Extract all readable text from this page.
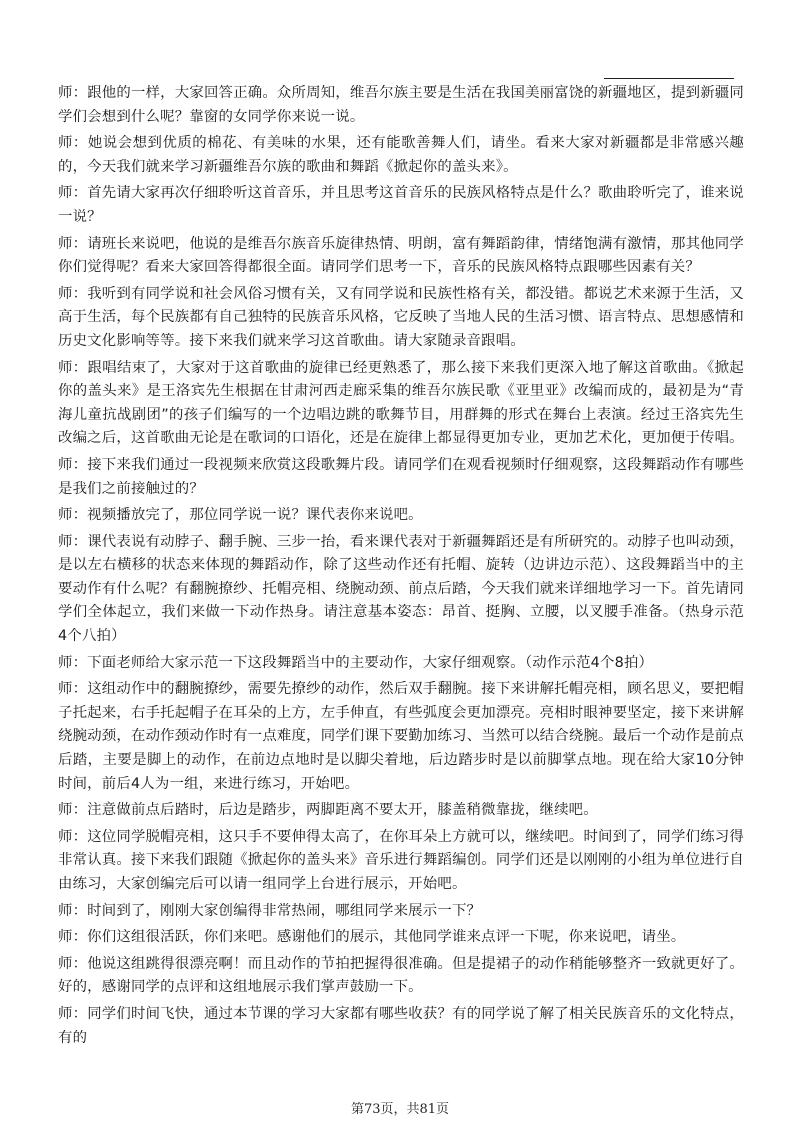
师：跟他的一样，大家回答正确。众所周知，维吾尔族主要是生活在我国美丽富饶的新疆地区，提到新疆同学们会想到什么呢？靠窗的女同学你来说一说。

师：她说会想到优质的棉花、有美味的水果，还有能歌善舞人们，请坐。看来大家对新疆都是非常感兴趣的，今天我们就来学习新疆维吾尔族的歌曲和舞蹈《掀起你的盖头来》。

师：首先请大家再次仔细聆听这首音乐，并且思考这首音乐的民族风格特点是什么？歌曲聆听完了，谁来说一说？

师：请班长来说吧，他说的是维吾尔族音乐旋律热情、明朗，富有舞蹈韵律，情绪饱满有激情，那其他同学你们觉得呢？看来大家回答得都很全面。请同学们思考一下，音乐的民族风格特点跟哪些因素有关？

师：我听到有同学说和社会风俗习惯有关，又有同学说和民族性格有关，都没错。都说艺术来源于生活，又高于生活，每个民族都有自己独特的民族音乐风格，它反映了当地人民的生活习惯、语言特点、思想感情和历史文化影响等等。接下来我们就来学习这首歌曲。请大家随录音跟唱。

师：跟唱结束了，大家对于这首歌曲的旋律已经更熟悉了，那么接下来我们更深入地了解这首歌曲。《掀起你的盖头来》是王洛宾先生根据在甘肃河西走廊采集的维吾尔族民歌《亚里亚》改编而成的，最初是为“青海儿童抗战剧团”的孩子们编写的一个边唱边跳的歌舞节目，用群舞的形式在舞台上表演。经过王洛宾先生改编之后，这首歌曲无论是在歌词的口语化，还是在旋律上都显得更加专业，更加艺术化，更加便于传唱。

师：接下来我们通过一段视频来欣赏这段歌舞片段。请同学们在观看视频时仔细观察，这段舞蹈动作有哪些是我们之前接触过的？

师：视频播放完了，那位同学说一说？课代表你来说吧。

师：课代表说有动脖子、翻手腕、三步一抬，看来课代表对于新疆舞蹈还是有所研究的。动脖子也叫动颈，是以左右横移的状态来体现的舞蹈动作，除了这些动作还有托帽、旋转（边讲边示范）、这段舞蹈当中的主要动作有什么呢？有翻腕撩纱、托帽亮相、绕腕动颈、前点后踏，今天我们就来详细地学习一下。首先请同学们全体起立，我们来做一下动作热身。请注意基本姿态：昂首、挺胸、立腰，以叉腰手准备。（热身示范4个八拍）

师：下面老师给大家示范一下这段舞蹈当中的主要动作，大家仔细观察。（动作示范4个8拍）

师：这组动作中的翻腕撩纱，需要先撩纱的动作，然后双手翻腕。接下来讲解托帽亮相，顾名思义，要把帽子托起来，右手托起帽子在耳朵的上方，左手伸直，有些弧度会更加漂亮。亮相时眼神要坚定，接下来讲解绕腕动颈，在动作颈动作时有一点难度，同学们课下要勤加练习、当然可以结合绕腕。最后一个动作是前点后踏，主要是脚上的动作，在前边点地时是以脚尖着地，后边踏步时是以前脚掌点地。现在给大家10分钟时间，前后4人为一组，来进行练习，开始吧。

师：注意做前点后踏时，后边是踏步，两脚距离不要太开，膝盖稍微靠拢，继续吧。

师：这位同学脱帽亮相，这只手不要伸得太高了，在你耳朵上方就可以，继续吧。时间到了，同学们练习得非常认真。接下来我们跟随《掀起你的盖头来》音乐进行舞蹈编创。同学们还是以刚刚的小组为单位进行自由练习，大家创编完后可以请一组同学上台进行展示，开始吧。

师：时间到了，刚刚大家创编得非常热闹，哪组同学来展示一下？

师：你们这组很活跃，你们来吧。感谢他们的展示，其他同学谁来点评一下呢，你来说吧，请坐。

师：他说这组跳得很漂亮啊！而且动作的节拍把握得很准确。但是提裙子的动作稍能够整齐一致就更好了。好的，感谢同学的点评和这组地展示我们掌声鼓励一下。

师：同学们时间飞快，通过本节课的学习大家都有哪些收获？有的同学说了解了相关民族音乐的文化特点，有的

第73页，共81页
